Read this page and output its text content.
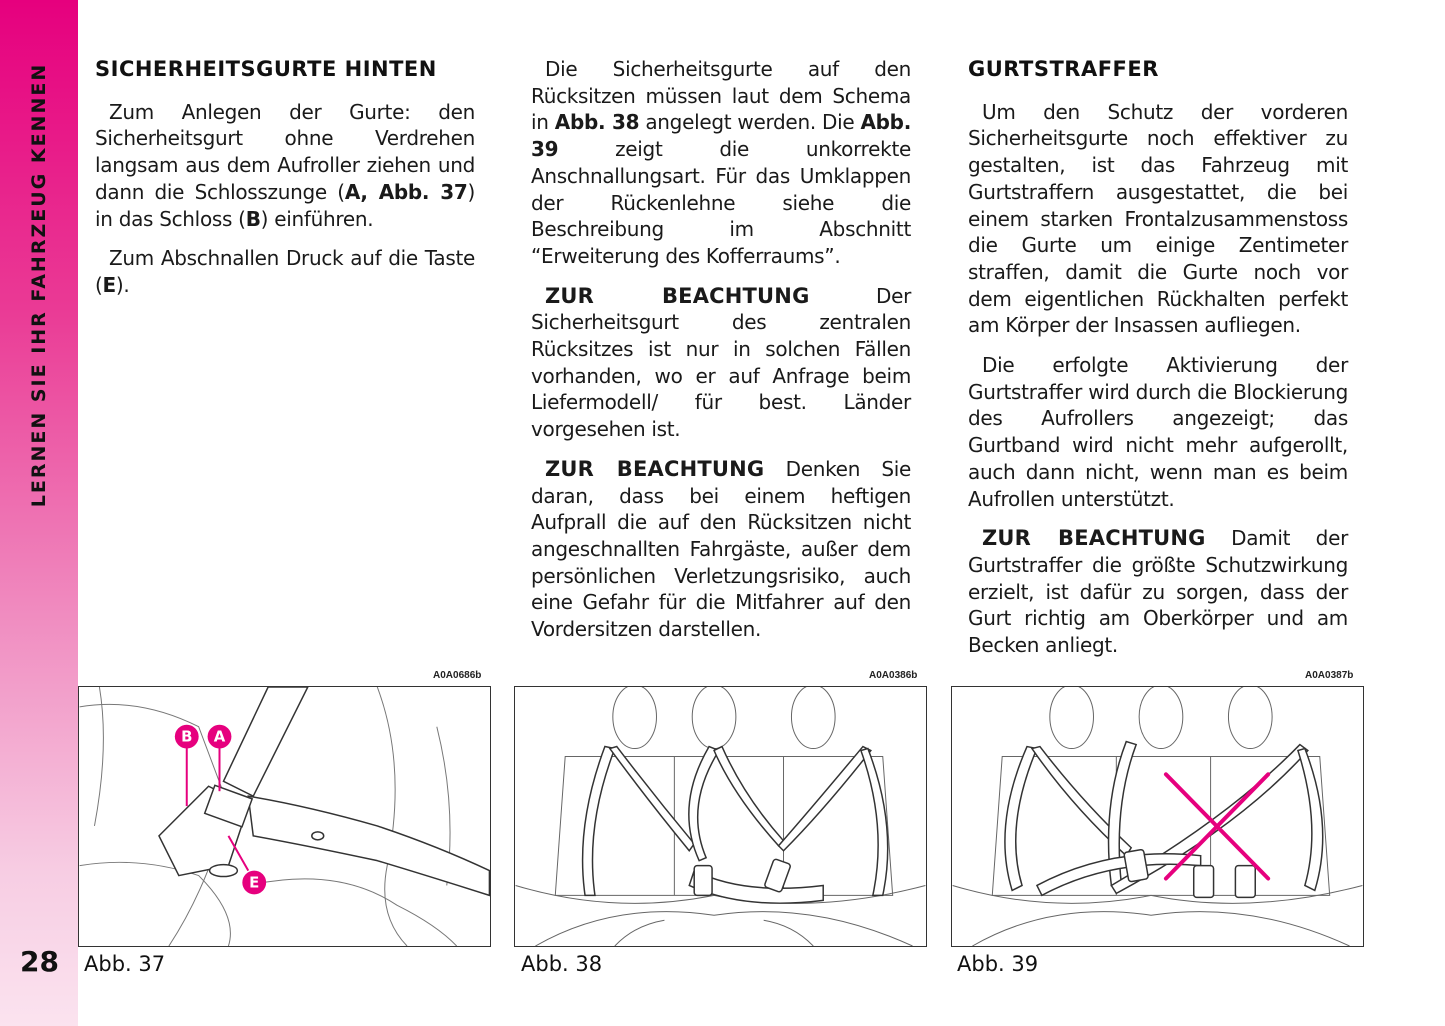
LERNEN SIE IHR FAHRZEUG KENNEN
28
SICHERHEITSGURTE HINTEN

Zum Anlegen der Gurte: den Sicherheitsgurt ohne Verdrehen langsam aus dem Aufroller ziehen und dann die Schlosszunge (A, Abb. 37) in das Schloss (B) einführen.

Zum Abschnallen Druck auf die Taste (E).

Die Sicherheitsgurte auf den Rücksitzen müssen laut dem Schema in Abb. 38 angelegt werden. Die Abb. 39 zeigt die unkorrekte Anschnallungsart. Für das Umklappen der Rückenlehne siehe die Beschreibung im Abschnitt “Erweiterung des Kofferraums”.

ZUR BEACHTUNG Der Sicherheitsgurt des zentralen Rücksitzes ist nur in solchen Fällen vorhanden, wo er auf Anfrage beim Liefermodell/ für best. Länder vorgesehen ist.

ZUR BEACHTUNG Denken Sie daran, dass bei einem heftigen Aufprall die auf den Rücksitzen nicht angeschnallten Fahrgäste, außer dem persönlichen Verletzungsrisiko, auch eine Gefahr für die Mitfahrer auf den Vordersitzen darstellen.

GURTSTRAFFER

Um den Schutz der vorderen Sicherheitsgurte noch effektiver zu gestalten, ist das Fahrzeug mit Gurtstraffern ausgestattet, die bei einem starken Frontalzusammenstoss die Gurte um einige Zentimeter straffen, damit die Gurte noch vor dem eigentlichen Rückhalten perfekt am Körper der Insassen aufliegen.

Die erfolgte Aktivierung der Gurtstraffer wird durch die Blockierung des Aufrollers angezeigt; das Gurtband wird nicht mehr aufgerollt, auch dann nicht, wenn man es beim Aufrollen unterstützt.

ZUR BEACHTUNG Damit der Gurtstraffer die größte Schutzwirkung erzielt, ist dafür zu sorgen, dass der Gurt richtig am Oberkörper und am Becken anliegt.

A0A0686b
B A
E
Abb. 37
A0A0386b
Abb. 38
A0A0387b
Abb. 39
